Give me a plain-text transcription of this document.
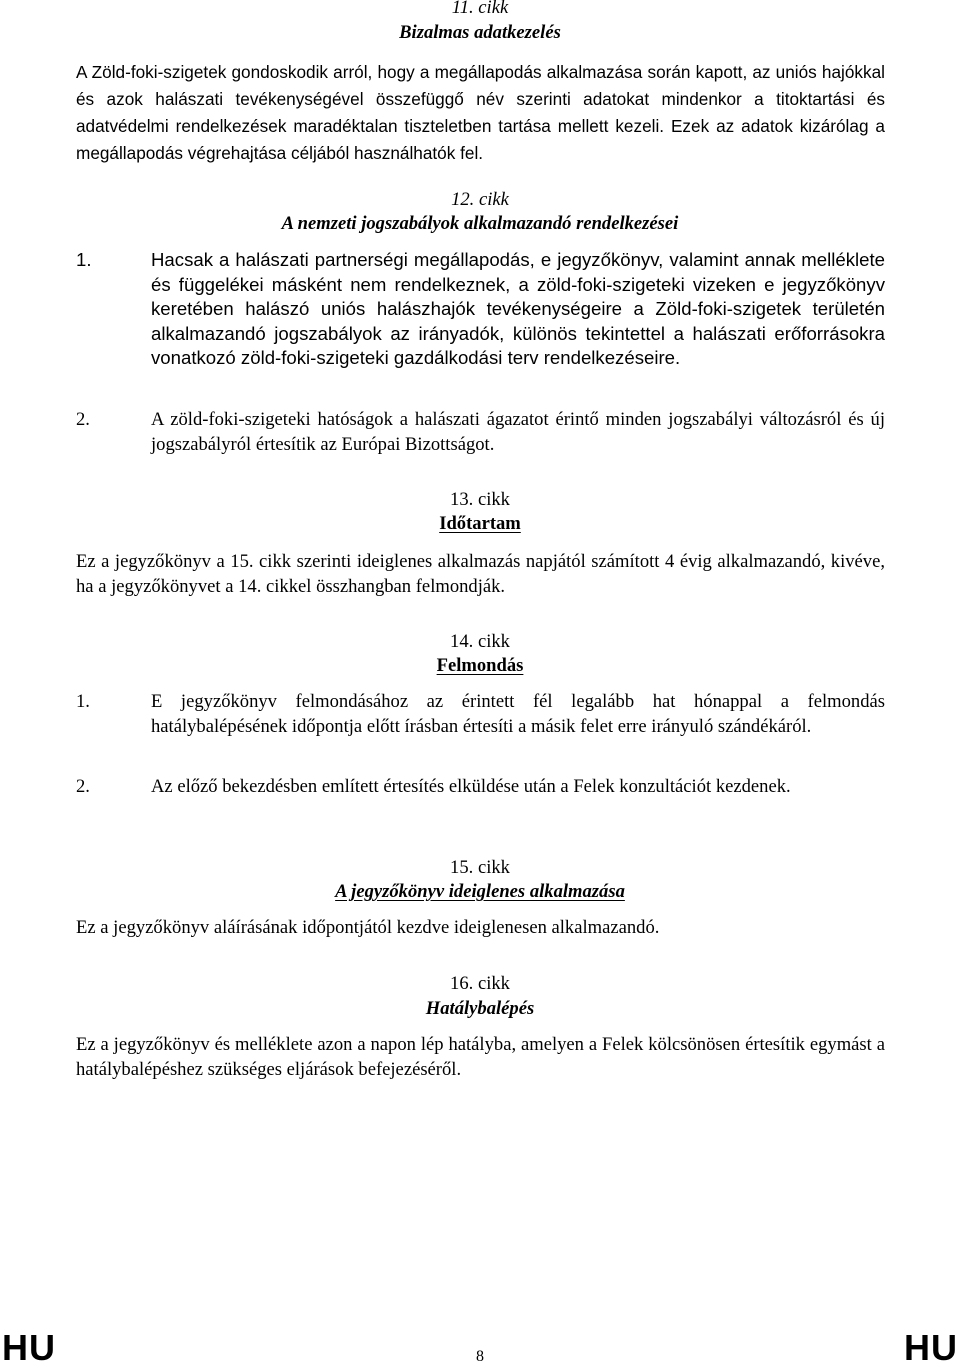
11. cikk

Bizalmas adatkezelés

A Zöld-foki-szigetek gondoskodik arról, hogy a megállapodás alkalmazása során kapott, az uniós hajókkal és azok halászati tevékenységével összefüggő név szerinti adatokat mindenkor a titoktartási és adatvédelmi rendelkezések maradéktalan tiszteletben tartása mellett kezeli. Ezek az adatok kizárólag a megállapodás végrehajtása céljából használhatók fel.

12. cikk

A nemzeti jogszabályok alkalmazandó rendelkezései

1.	Hacsak a halászati partnerségi megállapodás, e jegyzőkönyv, valamint annak melléklete és függelékei másként nem rendelkeznek, a zöld-foki-szigeteki vizeken e jegyzőkönyv keretében halászó uniós halászhajók tevékenységeire a Zöld-foki-szigetek területén alkalmazandó jogszabályok az irányadók, különös tekintettel a halászati erőforrásokra vonatkozó zöld-foki-szigeteki gazdálkodási terv rendelkezéseire.
2.	A zöld-foki-szigeteki hatóságok a halászati ágazatot érintő minden jogszabályi változásról és új jogszabályról értesítik az Európai Bizottságot.

13. cikk

Időtartam

Ez a jegyzőkönyv a 15. cikk szerinti ideiglenes alkalmazás napjától számított 4 évig alkalmazandó, kivéve, ha a jegyzőkönyvet a 14. cikkel összhangban felmondják.

14. cikk

Felmondás

1.	E jegyzőkönyv felmondásához az érintett fél legalább hat hónappal a felmondás hatálybalépésének időpontja előtt írásban értesíti a másik felet erre irányuló szándékáról.
2.	Az előző bekezdésben említett értesítés elküldése után a Felek konzultációt kezdenek.

15. cikk

A jegyzőkönyv ideiglenes alkalmazása

Ez a jegyzőkönyv aláírásának időpontjától kezdve ideiglenesen alkalmazandó.

16. cikk

Hatálybalépés

Ez a jegyzőkönyv és melléklete azon a napon lép hatályba, amelyen a Felek kölcsönösen értesítik egymást a hatálybalépéshez szükséges eljárások befejezéséről.

HU	8	HU
